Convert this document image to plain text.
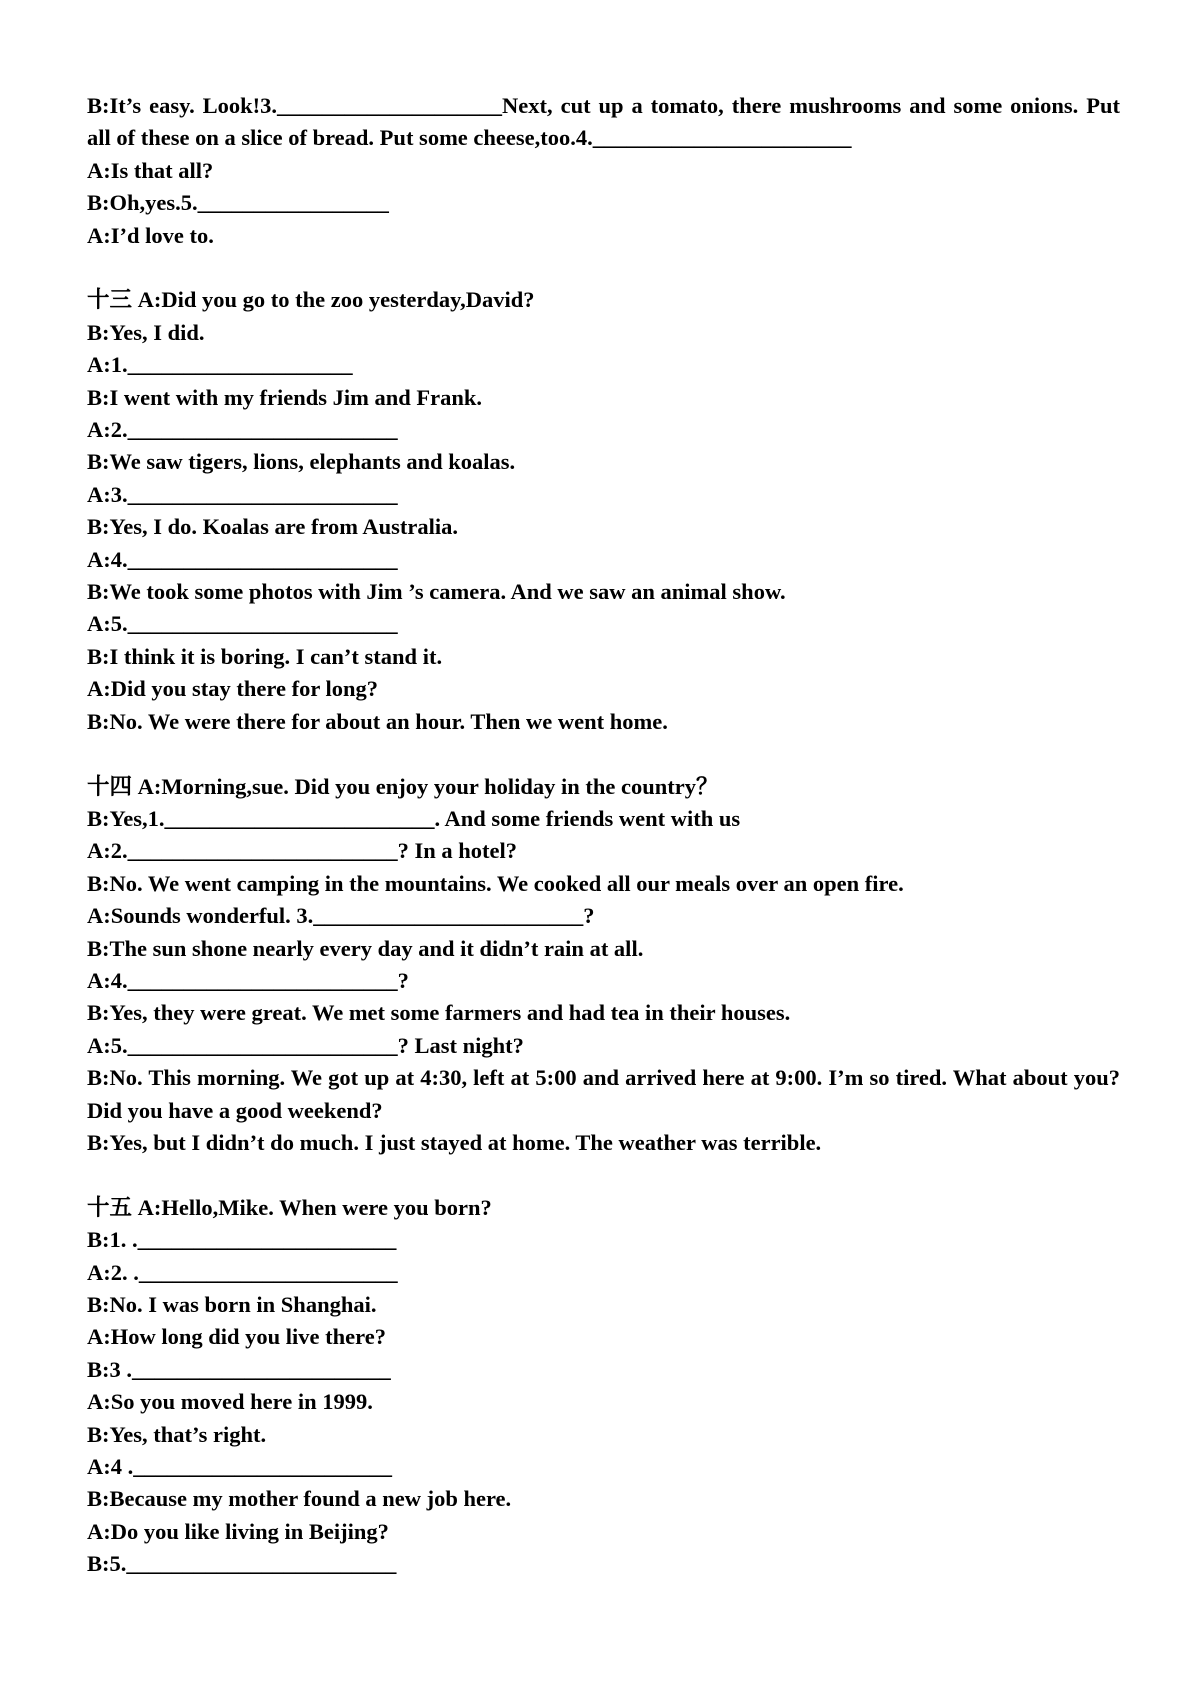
B:It’s easy. Look!3.____________________Next, cut up a tomato, there mushrooms and some onions. Put all of these on a slice of bread. Put some cheese,too.4._______________________

A:Is that all?

B:Oh,yes.5._________________

A:I’d love to.

十三 A:Did you go to the zoo yesterday,David?

B:Yes, I did.

A:1.____________________

B:I went with my friends Jim and Frank.

A:2.________________________

B:We saw tigers, lions, elephants and koalas.

A:3.________________________

B:Yes, I do. Koalas are from Australia.

A:4.________________________

B:We took some photos with Jim ’s camera. And we saw an animal show.

A:5.________________________

B:I think it is boring. I can’t stand it.

A:Did you stay there for long?

B:No. We were there for about an hour. Then we went home.

十四 A:Morning,sue. Did you enjoy your holiday in the country？

B:Yes,1.________________________. And some friends went with us

A:2.________________________? In a hotel?

B:No. We went camping in the mountains. We cooked all our meals over an open fire.

A:Sounds wonderful. 3.________________________?

B:The sun shone nearly every day and it didn’t rain at all.

A:4.________________________?

B:Yes, they were great. We met some farmers and had tea in their houses.

A:5.________________________? Last night?

B:No. This morning. We got up at 4:30, left at 5:00 and arrived here at 9:00. I’m so tired. What about you? Did you have a good weekend?

B:Yes, but I didn’t do much. I just stayed at home. The weather was terrible.

十五 A:Hello,Mike. When were you born?

B:1. ._______________________

A:2. ._______________________

B:No. I was born in Shanghai.

A:How long did you live there?

B:3 ._______________________

A:So you moved here in 1999.

B:Yes, that’s right.

A:4 ._______________________

B:Because my mother found a new job here.

A:Do you like living in Beijing?

B:5.________________________
